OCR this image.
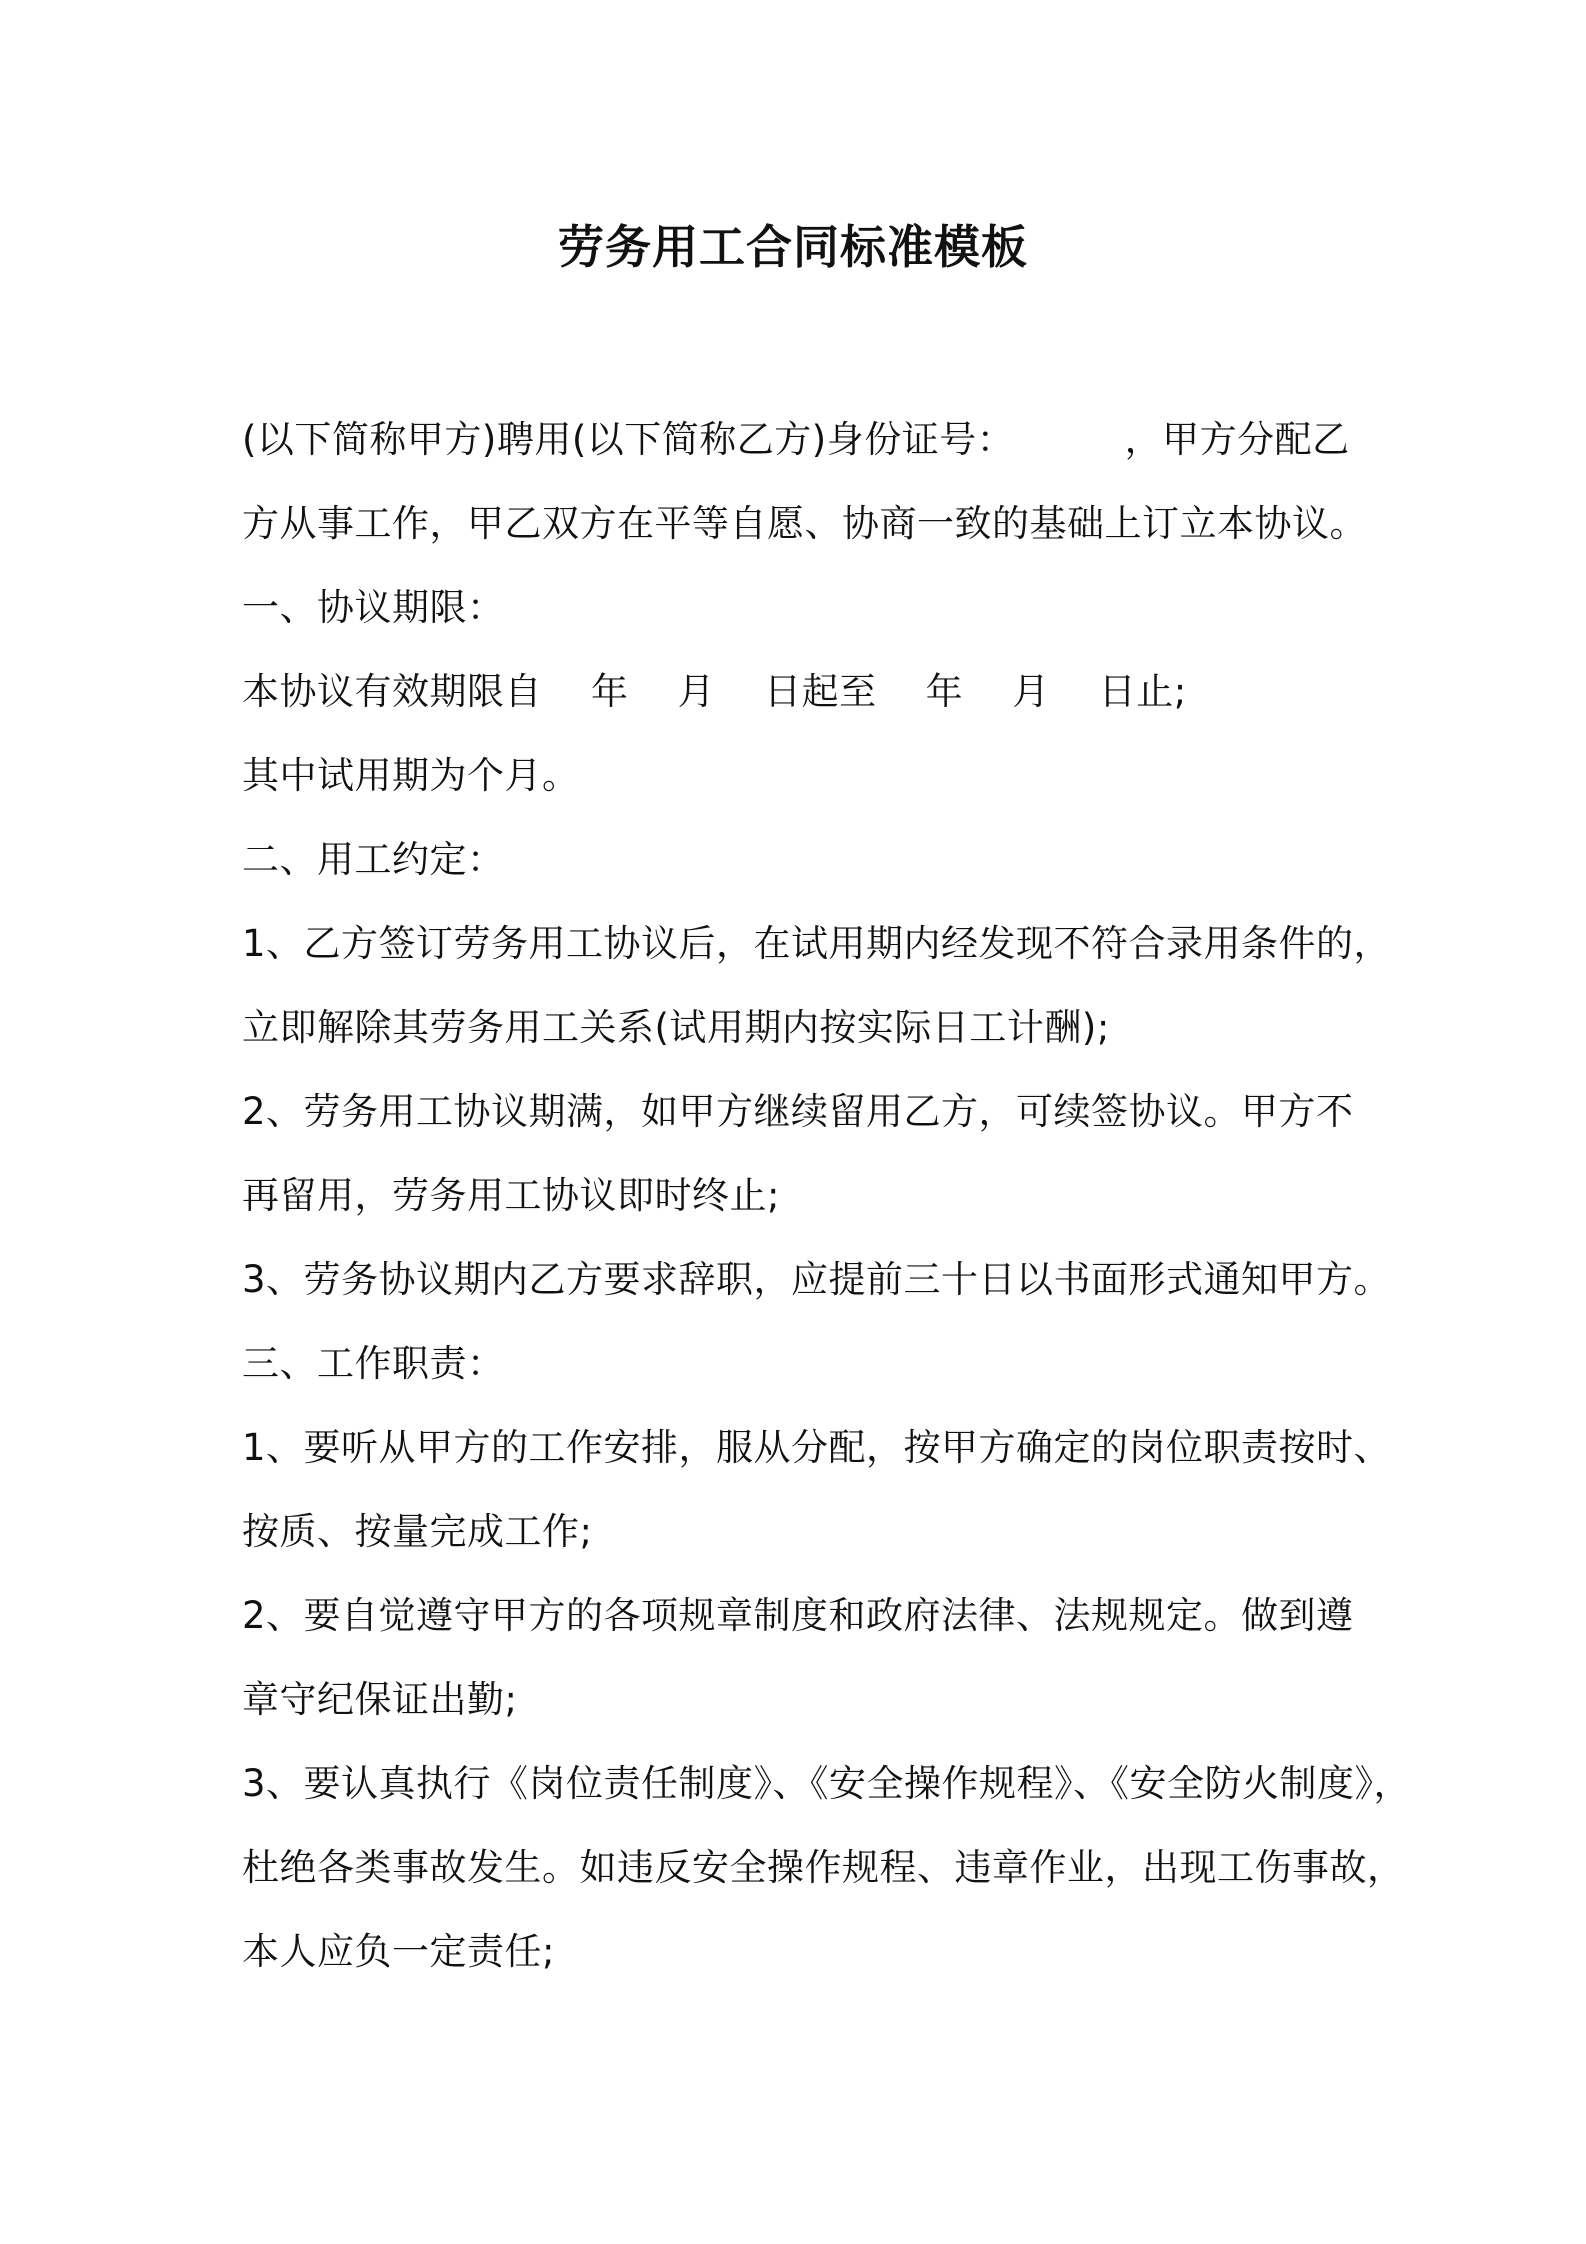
劳务用工合同标准模板
(以下简称甲方)聘用(以下简称乙方)身份证号：         ，甲方分配乙
方从事工作，甲乙双方在平等自愿、协商一致的基础上订立本协议。
一、协议期限：
本协议有效期限自    年    月    日起至    年    月    日止;
其中试用期为个月。
二、用工约定：
1、乙方签订劳务用工协议后，在试用期内经发现不符合录用条件的，
立即解除其劳务用工关系(试用期内按实际日工计酬);
2、劳务用工协议期满，如甲方继续留用乙方，可续签协议。甲方不
再留用，劳务用工协议即时终止;
3、劳务协议期内乙方要求辞职，应提前三十日以书面形式通知甲方。
三、工作职责：
1、要听从甲方的工作安排，服从分配，按甲方确定的岗位职责按时、
按质、按量完成工作;
2、要自觉遵守甲方的各项规章制度和政府法律、法规规定。做到遵
章守纪保证出勤;
3、要认真执行《岗位责任制度》、《安全操作规程》、《安全防火制度》，
杜绝各类事故发生。如违反安全操作规程、违章作业，出现工伤事故，
本人应负一定责任;
